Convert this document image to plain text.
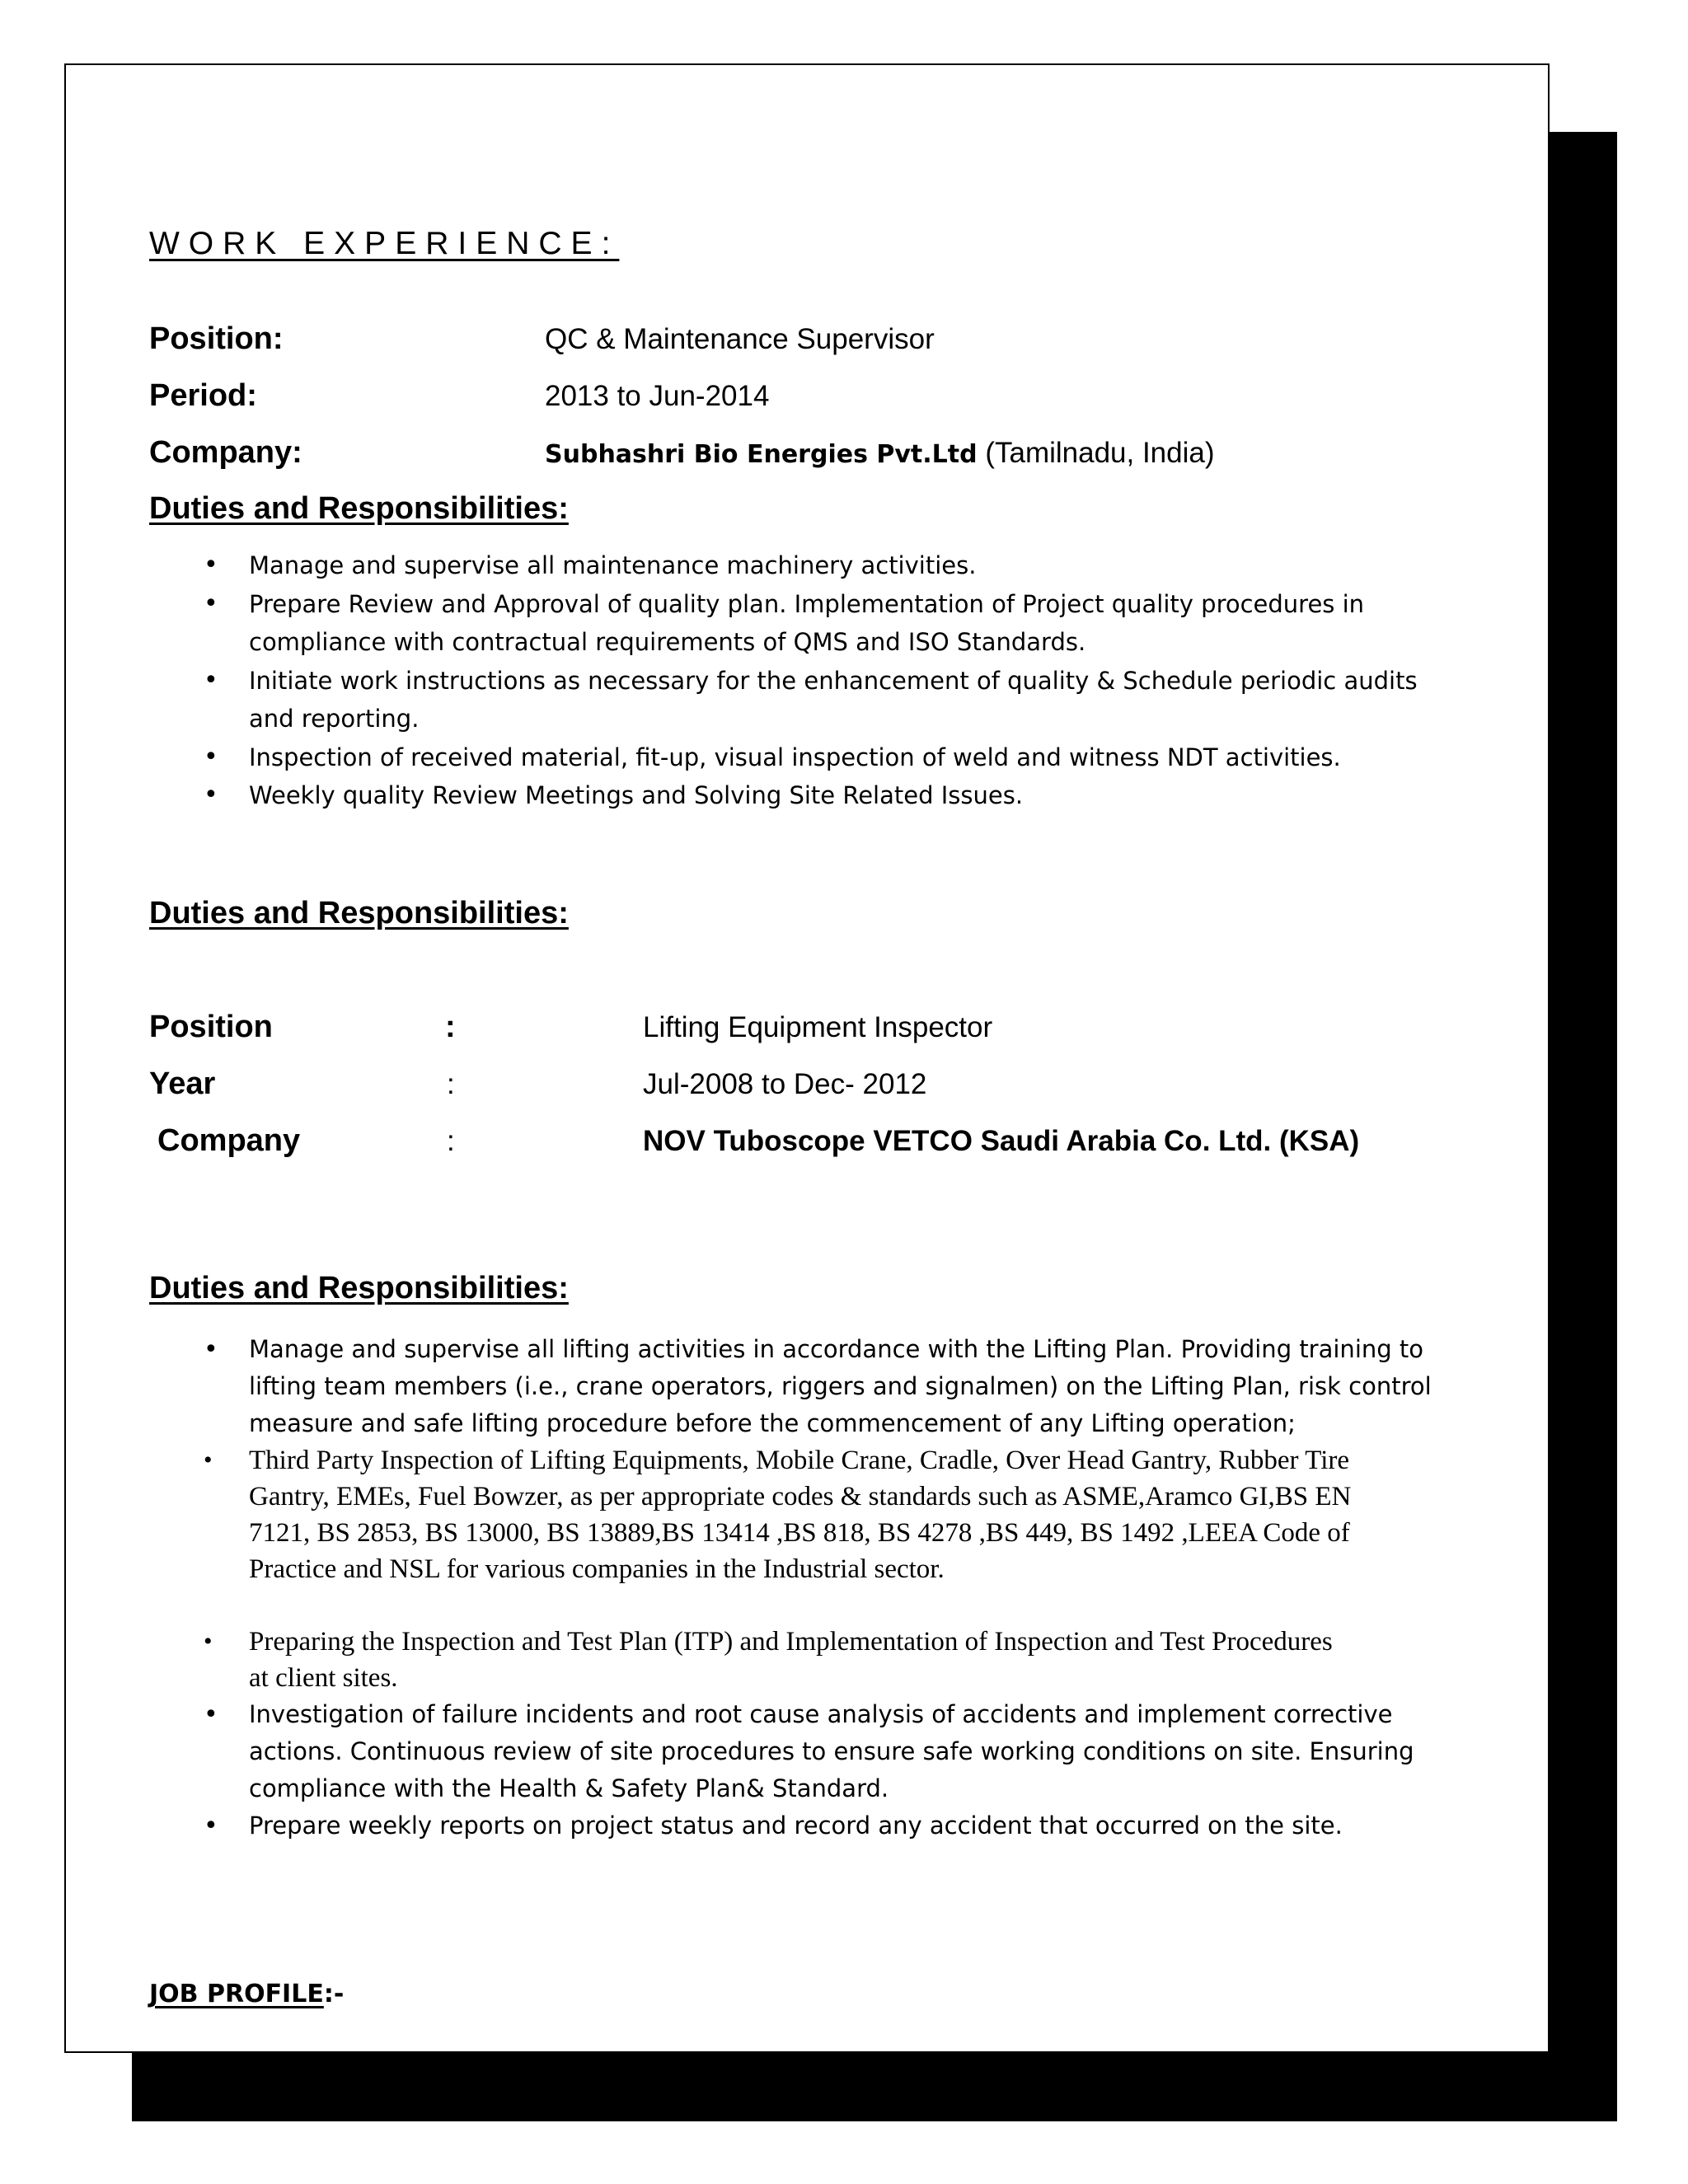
WORK EXPERIENCE:
Position:	QC & Maintenance Supervisor
Period:	2013 to Jun-2014
Company:	Subhashri Bio Energies Pvt.Ltd (Tamilnadu, India)
Duties and Responsibilities:
• Manage and supervise all maintenance machinery activities.
• Prepare Review and Approval of quality plan. Implementation of Project quality procedures in
compliance with contractual requirements of QMS and ISO Standards.
• Initiate work instructions as necessary for the enhancement of quality & Schedule periodic audits
and reporting.
• Inspection of received material, fit-up, visual inspection of weld and witness NDT activities.
• Weekly quality Review Meetings and Solving Site Related Issues.
Duties and Responsibilities:
Position	:	Lifting Equipment Inspector
Year	:	Jul-2008 to Dec- 2012
Company	:	NOV Tuboscope VETCO Saudi Arabia Co. Ltd. (KSA)
Duties and Responsibilities:
• Manage and supervise all lifting activities in accordance with the Lifting Plan. Providing training to
lifting team members (i.e., crane operators, riggers and signalmen) on the Lifting Plan, risk control
measure and safe lifting procedure before the commencement of any Lifting operation;
• Third Party Inspection of Lifting Equipments, Mobile Crane, Cradle, Over Head Gantry, Rubber Tire
Gantry, EMEs, Fuel Bowzer, as per appropriate codes & standards such as ASME,Aramco GI,BS EN
7121, BS 2853, BS 13000, BS 13889,BS 13414 ,BS 818, BS 4278 ,BS 449, BS 1492 ,LEEA Code of
Practice and NSL for various companies in the Industrial sector.
• Preparing the Inspection and Test Plan (ITP) and Implementation of Inspection and Test Procedures
at client sites.
• Investigation of failure incidents and root cause analysis of accidents and implement corrective
actions. Continuous review of site procedures to ensure safe working conditions on site. Ensuring
compliance with the Health & Safety Plan& Standard.
• Prepare weekly reports on project status and record any accident that occurred on the site.
JOB PROFILE:-
